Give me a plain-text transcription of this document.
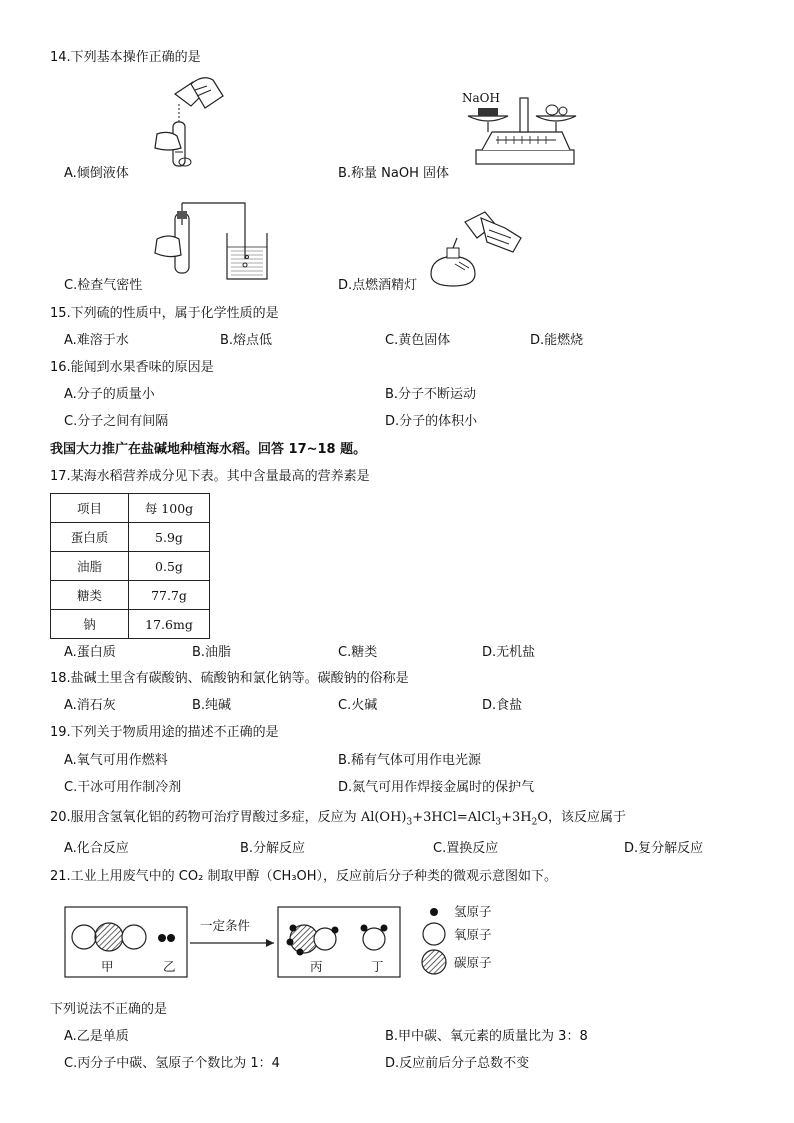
14.下列基本操作正确的是
A.倾倒液体
NaOH
B.称量 NaOH 固体
C.检查气密性	D.点燃酒精灯
15.下列硫的性质中，属于化学性质的是
A.难溶于水	B.熔点低	C.黄色固体	D.能燃烧
16.能闻到水果香味的原因是
A.分子的质量小	B.分子不断运动
C.分子之间有间隔	D.分子的体积小
我国大力推广在盐碱地种植海水稻。回答 17~18 题。
17.某海水稻营养成分见下表。其中含量最高的营养素是
项目	每 100g
蛋白质	5.9g
油脂	0.5g
糖类	77.7g
钠	17.6mg
A.蛋白质	B.油脂	C.糖类	D.无机盐
18.盐碱土里含有碳酸钠、硫酸钠和氯化钠等。碳酸钠的俗称是
A.消石灰	B.纯碱	C.火碱	D.食盐
19.下列关于物质用途的描述不正确的是
A.氧气可用作燃料	B.稀有气体可用作电光源
C.干冰可用作制冷剂	D.氮气可用作焊接金属时的保护气
20.服用含氢氧化铝的药物可治疗胃酸过多症，反应为 $Al(OH)_3+3HCl=AlCl_3+3H_2O$，该反应属于
A.化合反应	B.分解反应	C.置换反应	D.复分解反应
21.工业上用废气中的 CO₂ 制取甲醇（CH₃OH），反应前后分子种类的微观示意图如下。
一定条件
甲	乙	丙	丁
氢原子
氧原子
碳原子
下列说法不正确的是
A.乙是单质	B.甲中碳、氧元素的质量比为 3：8
C.丙分子中碳、氢原子个数比为 1：4	D.反应前后分子总数不变
